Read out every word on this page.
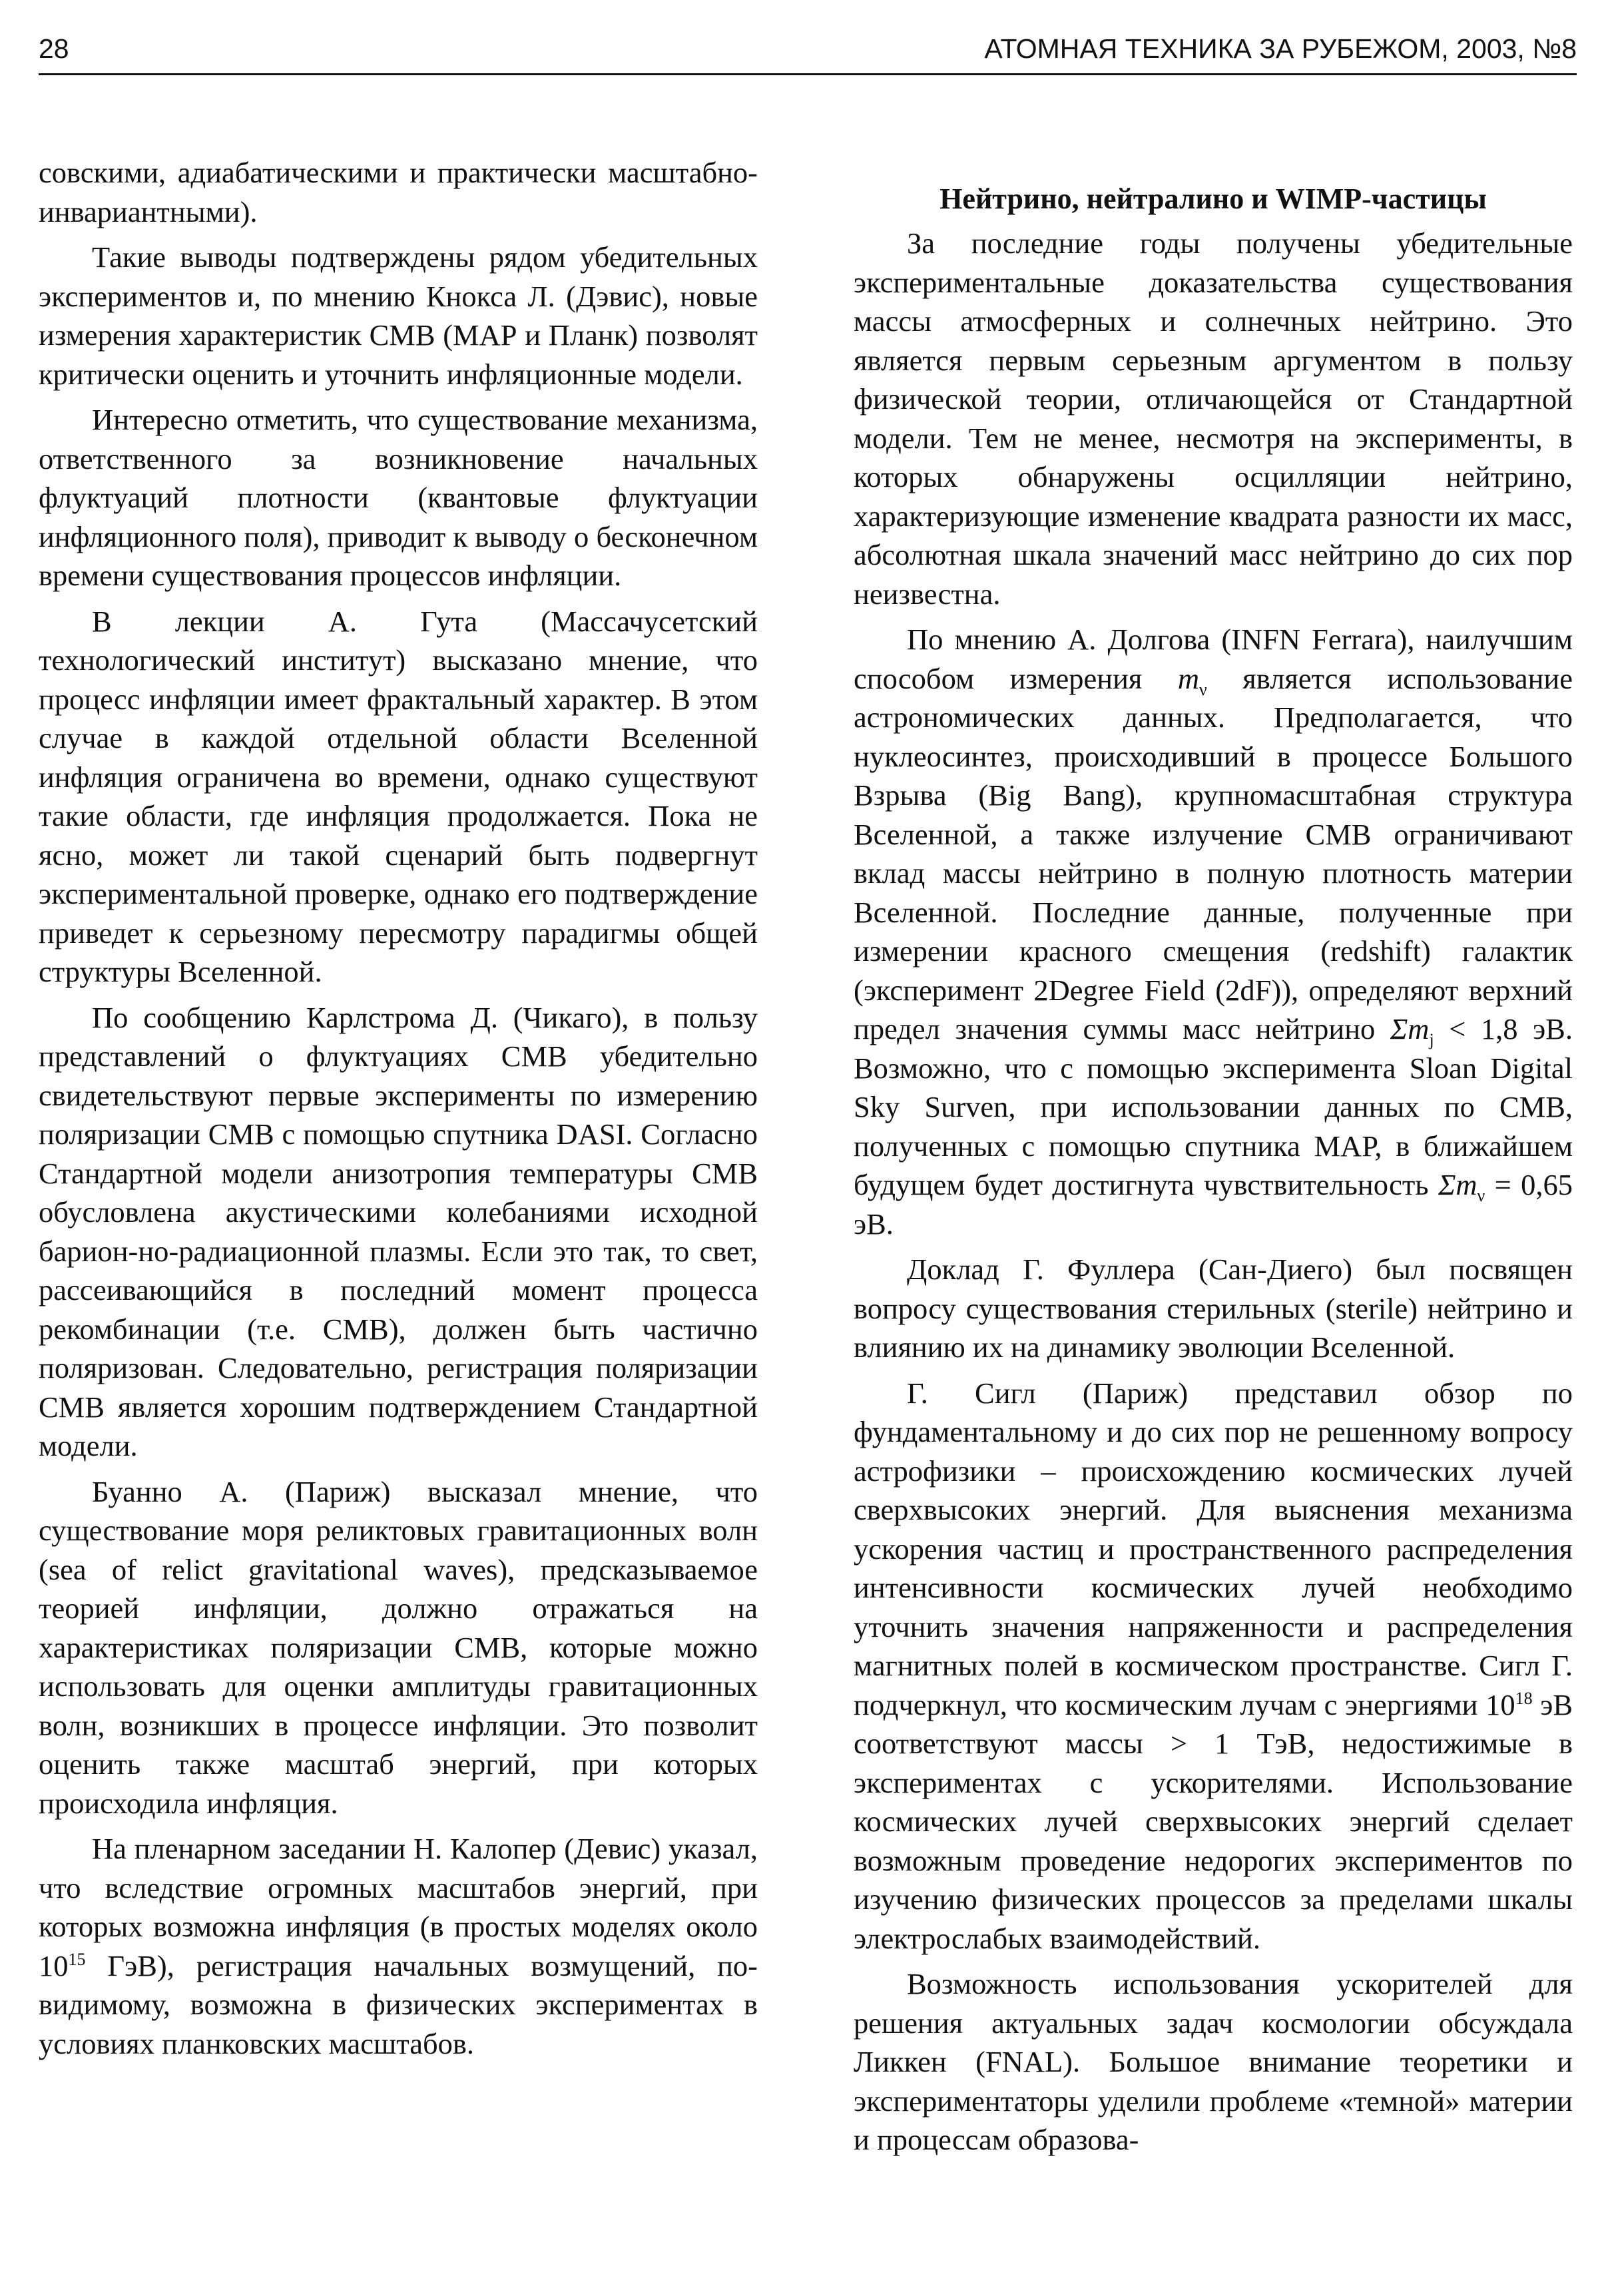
28	АТОМНАЯ ТЕХНИКА ЗА РУБЕЖОМ, 2003, №8

совскими, адиабатическими и практически масштабно-инвариантными).

Такие выводы подтверждены рядом убедительных экспериментов и, по мнению Кнокса Л. (Дэвис), новые измерения характеристик СМВ (МАР и Планк) позволят критически оценить и уточнить инфляционные модели.

Интересно отметить, что существование механизма, ответственного за возникновение начальных флуктуаций плотности (квантовые флуктуации инфляционного поля), приводит к выводу о бесконечном времени существования процессов инфляции.

В лекции А. Гута (Массачусетский технологический институт) высказано мнение, что процесс инфляции имеет фрактальный характер. В этом случае в каждой отдельной области Вселенной инфляция ограничена во времени, однако существуют такие области, где инфляция продолжается. Пока не ясно, может ли такой сценарий быть подвергнут экспериментальной проверке, однако его подтверждение приведет к серьезному пересмотру парадигмы общей структуры Вселенной.

По сообщению Карлстрома Д. (Чикаго), в пользу представлений о флуктуациях СМВ убедительно свидетельствуют первые эксперименты по измерению поляризации СМВ с помощью спутника DASI. Согласно Стандартной модели анизотропия температуры СМВ обусловлена акустическими колебаниями исходной барион-но-радиационной плазмы. Если это так, то свет, рассеивающийся в последний момент процесса рекомбинации (т.е. СМВ), должен быть частично поляризован. Следовательно, регистрация поляризации СМВ является хорошим подтверждением Стандартной модели.

Буанно А. (Париж) высказал мнение, что существование моря реликтовых гравитационных волн (sea of relict gravitational waves), предсказываемое теорией инфляции, должно отражаться на характеристиках поляризации СМВ, которые можно использовать для оценки амплитуды гравитационных волн, возникших в процессе инфляции. Это позволит оценить также масштаб энергий, при которых происходила инфляция.

На пленарном заседании Н. Калопер (Девис) указал, что вследствие огромных масштабов энергий, при которых возможна инфляция (в простых моделях около $10^{15}$ ГэВ), регистрация начальных возмущений, по-видимому, возможна в физических экспериментах в условиях планковских масштабов.

Нейтрино, нейтралино и WIMP-частицы

За последние годы получены убедительные экспериментальные доказательства существования массы атмосферных и солнечных нейтрино. Это является первым серьезным аргументом в пользу физической теории, отличающейся от Стандартной модели. Тем не менее, несмотря на эксперименты, в которых обнаружены осцилляции нейтрино, характеризующие изменение квадрата разности их масс, абсолютная шкала значений масс нейтрино до сих пор неизвестна.

По мнению А. Долгова (INFN Ferrara), наилучшим способом измерения $m_\nu$ является использование астрономических данных. Предполагается, что нуклеосинтез, происходивший в процессе Большого Взрыва (Big Bang), крупномасштабная структура Вселенной, а также излучение СМВ ограничивают вклад массы нейтрино в полную плотность материи Вселенной. Последние данные, полученные при измерении красного смещения (redshift) галактик (эксперимент 2Degree Field (2dF)), определяют верхний предел значения суммы масс нейтрино $\Sigma m_j < 1,8$ эВ. Возможно, что с помощью эксперимента Sloan Digital Sky Surven, при использовании данных по СМВ, полученных с помощью спутника МАР, в ближайшем будущем будет достигнута чувствительность $\Sigma m_\nu = 0,65$ эВ.

Доклад Г. Фуллера (Сан-Диего) был посвящен вопросу существования стерильных (sterile) нейтрино и влиянию их на динамику эволюции Вселенной.

Г. Сигл (Париж) представил обзор по фундаментальному и до сих пор не решенному вопросу астрофизики – происхождению космических лучей сверхвысоких энергий. Для выяснения механизма ускорения частиц и пространственного распределения интенсивности космических лучей необходимо уточнить значения напряженности и распределения магнитных полей в космическом пространстве. Сигл Г. подчеркнул, что космическим лучам с энергиями $10^{18}$ эВ соответствуют массы > 1 ТэВ, недостижимые в экспериментах с ускорителями. Использование космических лучей сверхвысоких энергий сделает возможным проведение недорогих экспериментов по изучению физических процессов за пределами шкалы электрослабых взаимодействий.

Возможность использования ускорителей для решения актуальных задач космологии обсуждала Ликкен (FNAL). Большое внимание теоретики и экспериментаторы уделили проблеме «темной» материи и процессам образова-
